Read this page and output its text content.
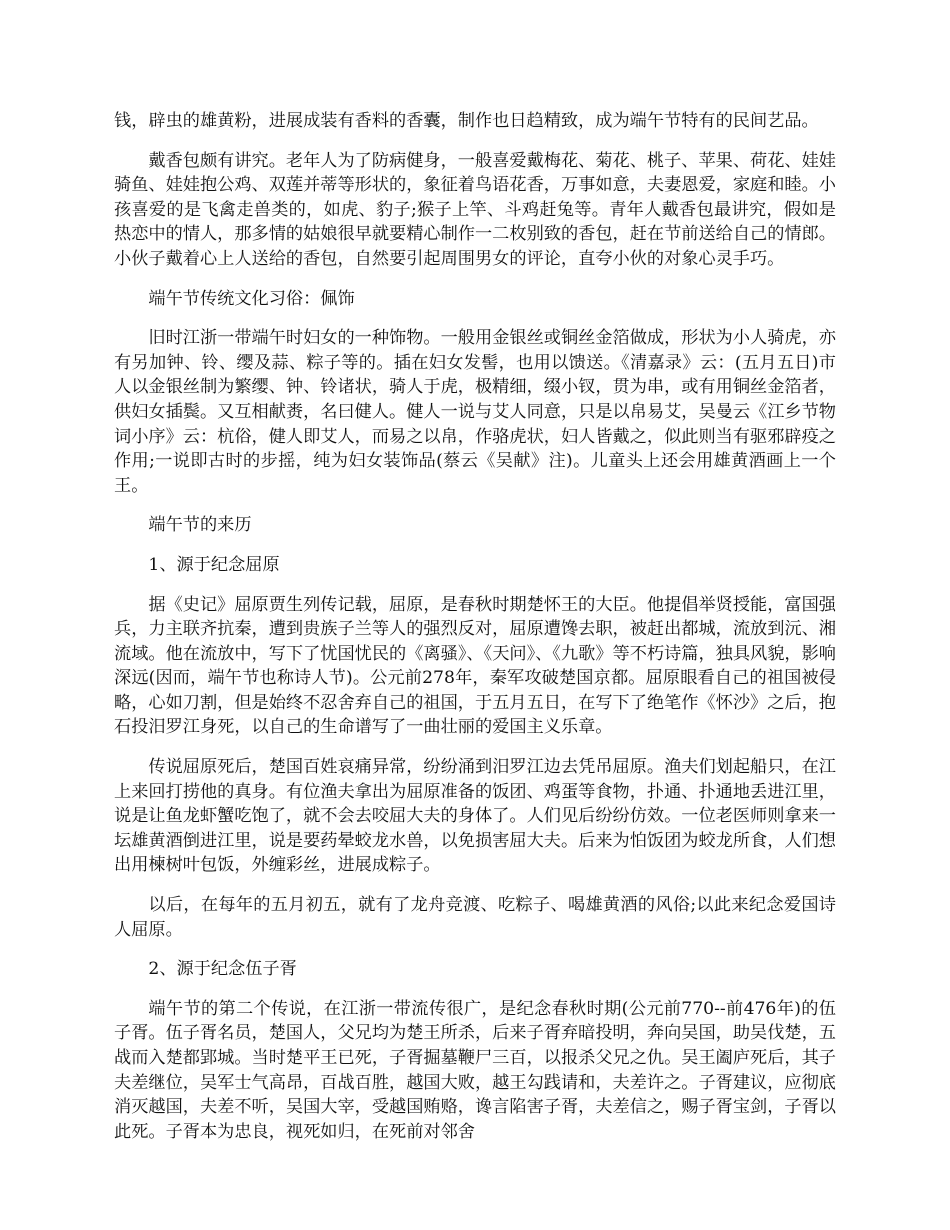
钱，辟虫的雄黄粉，进展成装有香料的香囊，制作也日趋精致，成为端午节特有的民间艺品。

戴香包颇有讲究。老年人为了防病健身，一般喜爱戴梅花、菊花、桃子、苹果、荷花、娃娃骑鱼、娃娃抱公鸡、双莲并蒂等形状的，象征着鸟语花香，万事如意，夫妻恩爱，家庭和睦。小孩喜爱的是飞禽走兽类的，如虎、豹子;猴子上竿、斗鸡赶兔等。青年人戴香包最讲究，假如是热恋中的情人，那多情的姑娘很早就要精心制作一二枚别致的香包，赶在节前送给自己的情郎。小伙子戴着心上人送给的香包，自然要引起周围男女的评论，直夸小伙的对象心灵手巧。

端午节传统文化习俗：佩饰

旧时江浙一带端午时妇女的一种饰物。一般用金银丝或铜丝金箔做成，形状为小人骑虎，亦有另加钟、铃、缨及蒜、粽子等的。插在妇女发髻，也用以馈送。《清嘉录》云：(五月五日)市人以金银丝制为繁缨、钟、铃诸状，骑人于虎，极精细，缀小钗，贯为串，或有用铜丝金箔者，供妇女插鬓。又互相献赉，名曰健人。健人一说与艾人同意，只是以帛易艾，吴曼云《江乡节物词小序》云：杭俗，健人即艾人，而易之以帛，作骆虎状，妇人皆戴之，似此则当有驱邪辟疫之作用;一说即古时的步摇，纯为妇女装饰品(蔡云《吴献》注)。儿童头上还会用雄黄酒画上一个王。

端午节的来历

1、源于纪念屈原

据《史记》屈原贾生列传记载，屈原，是春秋时期楚怀王的大臣。他提倡举贤授能，富国强兵，力主联齐抗秦，遭到贵族子兰等人的强烈反对，屈原遭馋去职，被赶出都城，流放到沅、湘流域。他在流放中，写下了忧国忧民的《离骚》、《天问》、《九歌》等不朽诗篇，独具风貌，影响深远(因而，端午节也称诗人节)。公元前278年，秦军攻破楚国京都。屈原眼看自己的祖国被侵略，心如刀割，但是始终不忍舍弃自己的祖国，于五月五日，在写下了绝笔作《怀沙》之后，抱石投汨罗江身死，以自己的生命谱写了一曲壮丽的爱国主义乐章。

传说屈原死后，楚国百姓哀痛异常，纷纷涌到汨罗江边去凭吊屈原。渔夫们划起船只，在江上来回打捞他的真身。有位渔夫拿出为屈原准备的饭团、鸡蛋等食物，扑通、扑通地丢进江里，说是让鱼龙虾蟹吃饱了，就不会去咬屈大夫的身体了。人们见后纷纷仿效。一位老医师则拿来一坛雄黄酒倒进江里，说是要药晕蛟龙水兽，以免损害屈大夫。后来为怕饭团为蛟龙所食，人们想出用楝树叶包饭，外缠彩丝，进展成粽子。

以后，在每年的五月初五，就有了龙舟竞渡、吃粽子、喝雄黄酒的风俗;以此来纪念爱国诗人屈原。

2、源于纪念伍子胥

端午节的第二个传说，在江浙一带流传很广，是纪念春秋时期(公元前770--前476年)的伍子胥。伍子胥名员，楚国人，父兄均为楚王所杀，后来子胥弃暗投明，奔向吴国，助吴伐楚，五战而入楚都郢城。当时楚平王已死，子胥掘墓鞭尸三百，以报杀父兄之仇。吴王阖庐死后，其子夫差继位，吴军士气高昂，百战百胜，越国大败，越王勾践请和，夫差许之。子胥建议，应彻底消灭越国，夫差不听，吴国大宰，受越国贿赂，谗言陷害子胥，夫差信之，赐子胥宝剑，子胥以此死。子胥本为忠良，视死如归，在死前对邻舍
